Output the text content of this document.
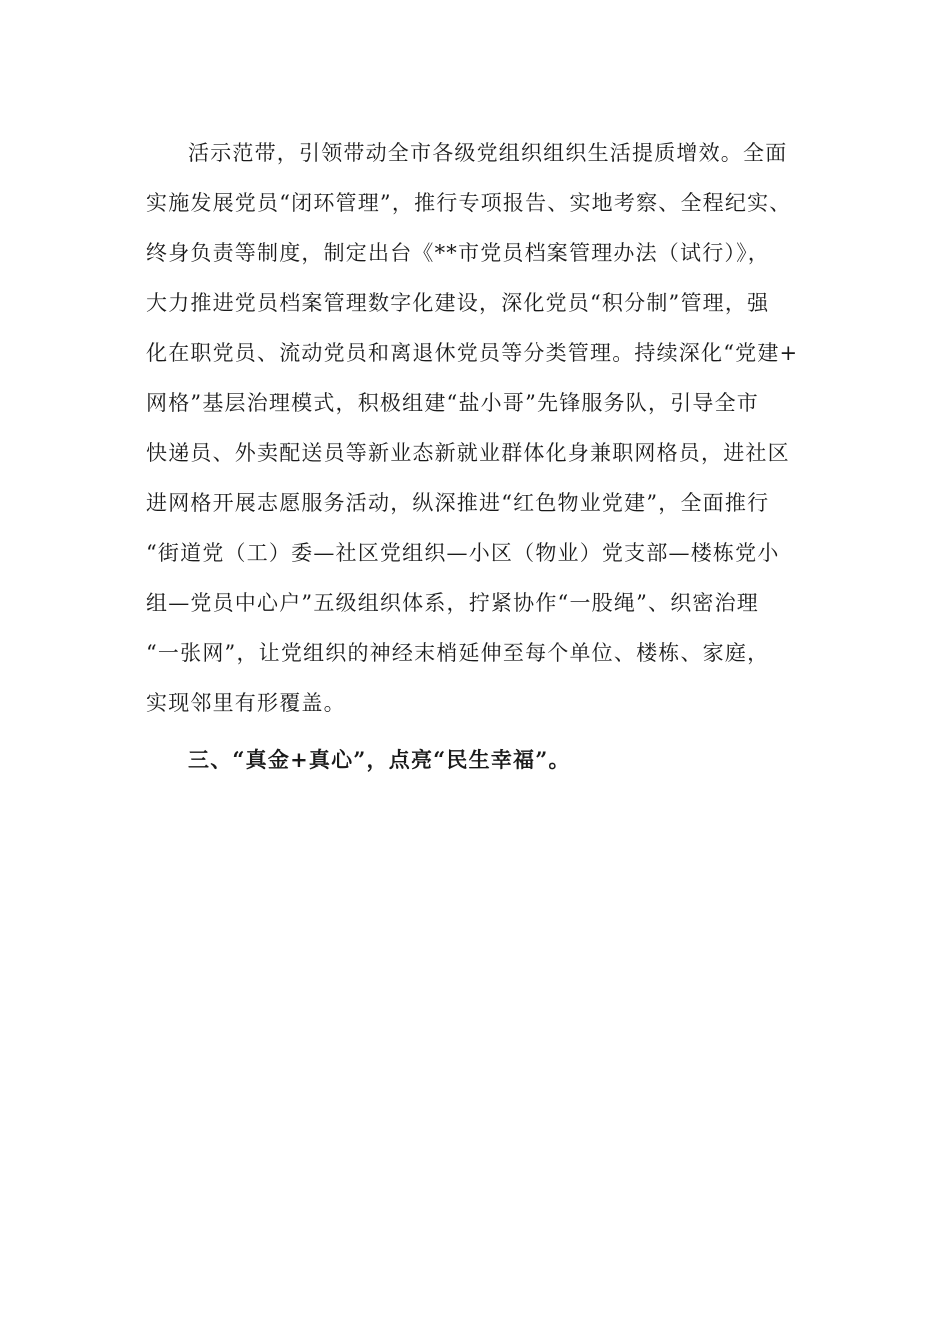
活示范带，引领带动全市各级党组织组织生活提质增效。全面
实施发展党员“闭环管理”，推行专项报告、实地考察、全程纪实、
终身负责等制度，制定出台《**市党员档案管理办法（试行）》，
大力推进党员档案管理数字化建设，深化党员“积分制”管理，强
化在职党员、流动党员和离退休党员等分类管理。持续深化“党建+
网格”基层治理模式，积极组建“盐小哥”先锋服务队，引导全市
快递员、外卖配送员等新业态新就业群体化身兼职网格员，进社区
进网格开展志愿服务活动，纵深推进“红色物业党建”，全面推行
“街道党（工）委—社区党组织—小区（物业）党支部—楼栋党小
组—党员中心户”五级组织体系，拧紧协作“一股绳”、织密治理
“一张网”，让党组织的神经末梢延伸至每个单位、楼栋、家庭，
实现邻里有形覆盖。
三、“真金+真心”，点亮“民生幸福”。
